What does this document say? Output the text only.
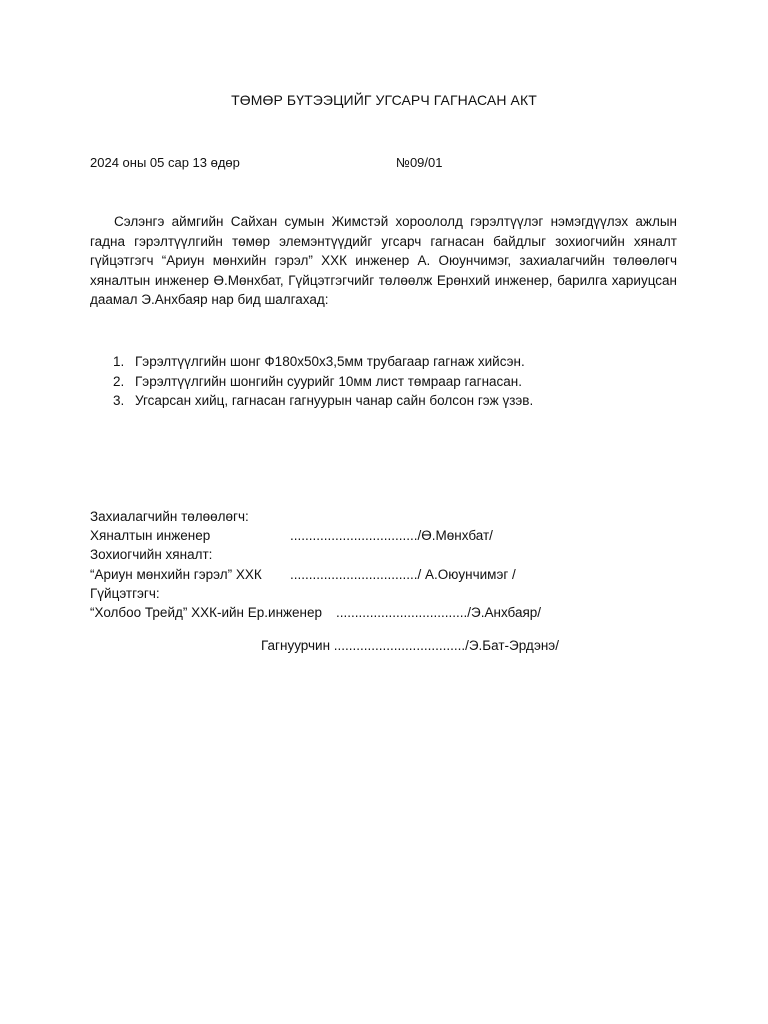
ТӨМӨР БҮТЭЭЦИЙГ УГСАРЧ ГАГНАСАН АКТ
2024 оны 05 сар 13 өдөр	№09/01

Сэлэнгэ аймгийн Сайхан сумын Жимстэй хороололд гэрэлтүүлэг нэмэгдүүлэх ажлын гадна гэрэлтүүлгийн төмөр элемэнтүүдийг угсарч гагнасан байдлыг зохиогчийн хяналт гүйцэтгэгч “Ариун мөнхийн гэрэл” ХХК инженер А. Оюунчимэг, захиалагчийн төлөөлөгч хяналтын инженер Ө.Мөнхбат, Гүйцэтгэгчийг төлөөлж Ерөнхий инженер, барилга хариуцсан даамал Э.Анхбаяр нар бид шалгахад:

1. Гэрэлтүүлгийн шонг Ф180x50x3,5мм трубагаар гагнаж хийсэн.
2. Гэрэлтүүлгийн шонгийн суурийг 10мм лист төмраар гагнасан.
3. Угсарсан хийц, гагнасан гагнуурын чанар сайн болсон гэж үзэв.
Захиалагчийн төлөөлөгч:
Хяналтын инженер	................................../Ө.Мөнхбат/
Зохиогчийн хяналт:
“Ариун мөнхийн гэрэл” ХХК ................................../ А.Оюунчимэг /
Гүйцэтгэгч:
“Холбоо Трейд” ХХК-ийн Ер.инженер .................................../Э.Анхбаяр/
Гагнуурчин .................................../Э.Бат-Эрдэнэ/
